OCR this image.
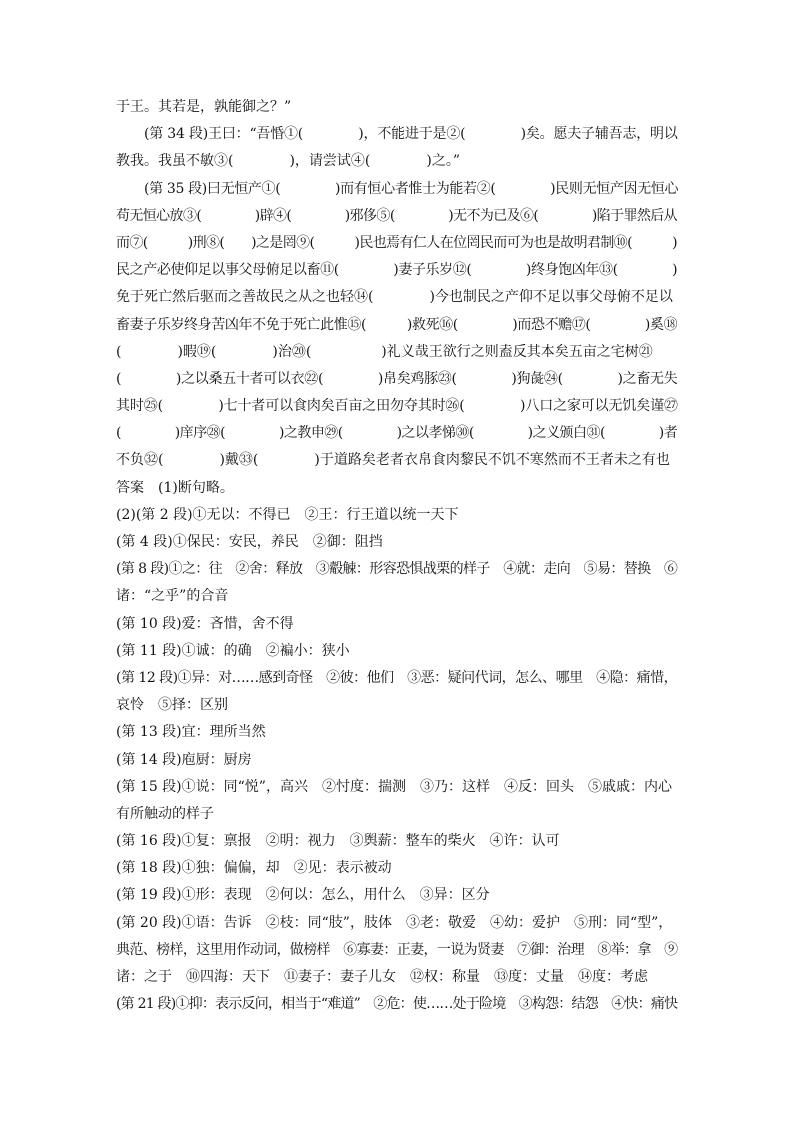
于王。其若是，孰能御之？”
(第 34 段)王曰：“吾惛①(　　　　)，不能进于是②(　　　　)矣。愿夫子辅吾志，明以
教我。我虽不敏③(　　　　)，请尝试④(　　　　)之。”
(第 35 段)曰无恒产①(　　　　)而有恒心者惟士为能若②(　　　　)民则无恒产因无恒心
苟无恒心放③(　　　　)辟④(　　　　)邪侈⑤(　　　　)无不为已及⑥(　　　　)陷于罪然后从
而⑦(　　　)刑⑧(　　)之是罔⑨(　　　)民也焉有仁人在位罔民而可为也是故明君制⑩(　　　)
民之产必使仰足以事父母俯足以畜⑪(　　　　)妻子乐岁⑫(　　　　)终身饱凶年⑬(　　　　)
免于死亡然后驱而之善故民之从之也轻⑭(　　　　)今也制民之产仰不足以事父母俯不足以
畜妻子乐岁终身苦凶年不免于死亡此惟⑮(　　　)救死⑯(　　　　)而恐不赡⑰(　　　　)奚⑱
(　　　　)暇⑲(　　　　)治⑳(　　　　　)礼义哉王欲行之则盍反其本矣五亩之宅树㉑
(　　　　)之以桑五十者可以衣㉒(　　　　)帛矣鸡豚㉓(　　　　)狗彘㉔(　　　　)之畜无失
其时㉕(　　　　)七十者可以食肉矣百亩之田勿夺其时㉖(　　　　)八口之家可以无饥矣谨㉗
(　　　　)庠序㉘(　　　　)之教申㉙(　　　　)之以孝悌㉚(　　　　)之义颁白㉛(　　　　)者
不负㉜(　　　　)戴㉝(　　　　)于道路矣老者衣帛食肉黎民不饥不寒然而不王者未之有也
答案　(1)断句略。
(2)(第 2 段)①无以：不得已　②王：行王道以统一天下
(第 4 段)①保民：安民，养民　②御：阻挡
(第 8 段)①之：往　②舍：释放　③觳觫：形容恐惧战栗的样子　④就：走向　⑤易：替换　⑥
诸：“之乎”的合音
(第 10 段)爱：吝惜，舍不得
(第 11 段)①诚：的确　②褊小：狭小
(第 12 段)①异：对……感到奇怪　②彼：他们　③恶：疑问代词，怎么、哪里　④隐：痛惜，
哀怜　⑤择：区别
(第 13 段)宜：理所当然
(第 14 段)庖厨：厨房
(第 15 段)①说：同“悦”，高兴　②忖度：揣测　③乃：这样　④反：回头　⑤戚戚：内心
有所触动的样子
(第 16 段)①复：禀报　②明：视力　③舆薪：整车的柴火　④许：认可
(第 18 段)①独：偏偏，却　②见：表示被动
(第 19 段)①形：表现　②何以：怎么，用什么　③异：区分
(第 20 段)①语：告诉　②枝：同“肢”，肢体　③老：敬爱　④幼：爱护　⑤刑：同“型”，
典范、榜样，这里用作动词，做榜样　⑥寡妻：正妻，一说为贤妻　⑦御：治理　⑧举：拿　⑨
诸：之于　⑩四海：天下　⑪妻子：妻子儿女　⑫权：称量　⑬度：丈量　⑭度：考虑
(第 21 段)①抑：表示反问，相当于“难道”　②危：使……处于险境　③构怨：结怨　④快：痛快
